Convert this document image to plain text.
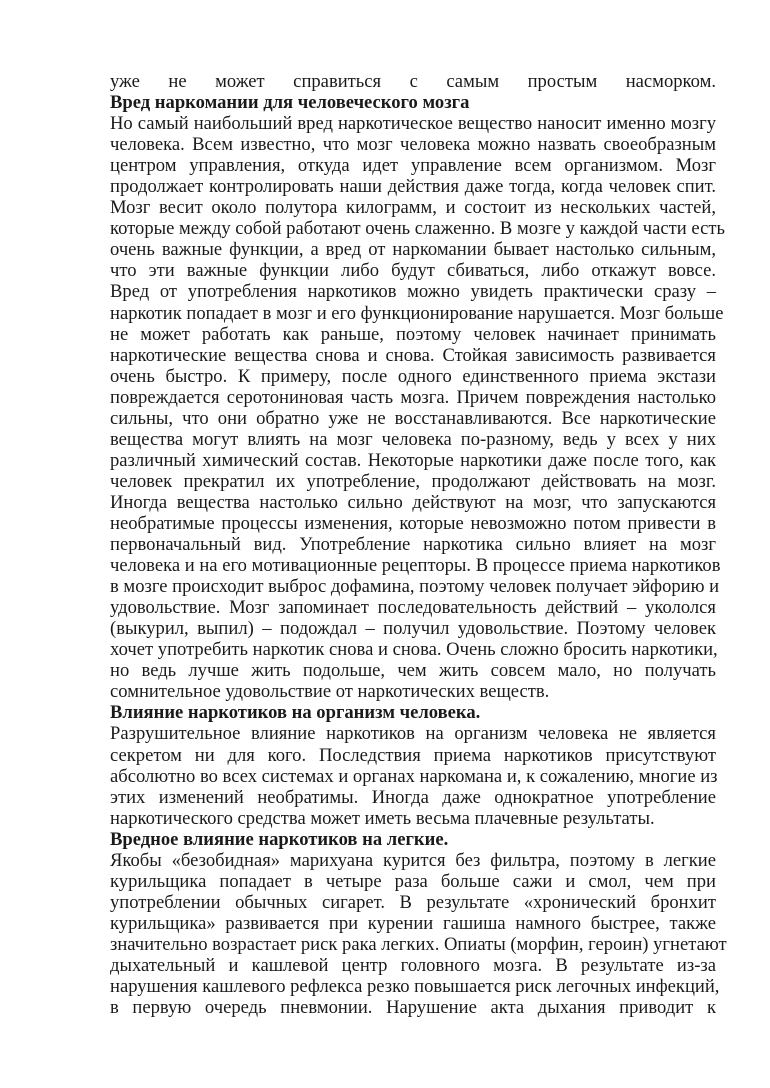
уже не может справиться с самым простым насморком.
Вред наркомании для человеческого мозга
Но самый наибольший вред наркотическое вещество наносит именно мозгу
человека. Всем известно, что мозг человека можно назвать своеобразным
центром управления, откуда идет управление всем организмом. Мозг
продолжает контролировать наши действия даже тогда, когда человек спит.
Мозг весит около полутора килограмм, и состоит из нескольких частей,
которые между собой работают очень слаженно. В мозге у каждой части есть
очень важные функции, а вред от наркомании бывает настолько сильным,
что эти важные функции либо будут сбиваться, либо откажут вовсе.
Вред от употребления наркотиков можно увидеть практически сразу –
наркотик попадает в мозг и его функционирование нарушается. Мозг больше
не может работать как раньше, поэтому человек начинает принимать
наркотические вещества снова и снова. Стойкая зависимость развивается
очень быстро. К примеру, после одного единственного приема экстази
повреждается серотониновая часть мозга. Причем повреждения настолько
сильны, что они обратно уже не восстанавливаются. Все наркотические
вещества могут влиять на мозг человека по-разному, ведь у всех у них
различный химический состав. Некоторые наркотики даже после того, как
человек прекратил их употребление, продолжают действовать на мозг.
Иногда вещества настолько сильно действуют на мозг, что запускаются
необратимые процессы изменения, которые невозможно потом привести в
первоначальный вид. Употребление наркотика сильно влияет на мозг
человека и на его мотивационные рецепторы. В процессе приема наркотиков
в мозге происходит выброс дофамина, поэтому человек получает эйфорию и
удовольствие. Мозг запоминает последовательность действий – укололся
(выкурил, выпил) – подождал – получил удовольствие. Поэтому человек
хочет употребить наркотик снова и снова. Очень сложно бросить наркотики,
но ведь лучше жить подольше, чем жить совсем мало, но получать
сомнительное удовольствие от наркотических веществ.
Влияние наркотиков на организм человека.
Разрушительное влияние наркотиков на организм человека не является
секретом ни для кого. Последствия приема наркотиков присутствуют
абсолютно во всех системах и органах наркомана и, к сожалению, многие из
этих изменений необратимы. Иногда даже однократное употребление
наркотического средства может иметь весьма плачевные результаты.
Вредное влияние наркотиков на легкие.
Якобы «безобидная» марихуана курится без фильтра, поэтому в легкие
курильщика попадает в четыре раза больше сажи и смол, чем при
употреблении обычных сигарет. В результате «хронический бронхит
курильщика» развивается при курении гашиша намного быстрее, также
значительно возрастает риск рака легких. Опиаты (морфин, героин) угнетают
дыхательный и кашлевой центр головного мозга. В результате из-за
нарушения кашлевого рефлекса резко повышается риск легочных инфекций,
в первую очередь пневмонии. Нарушение акта дыхания приводит к
